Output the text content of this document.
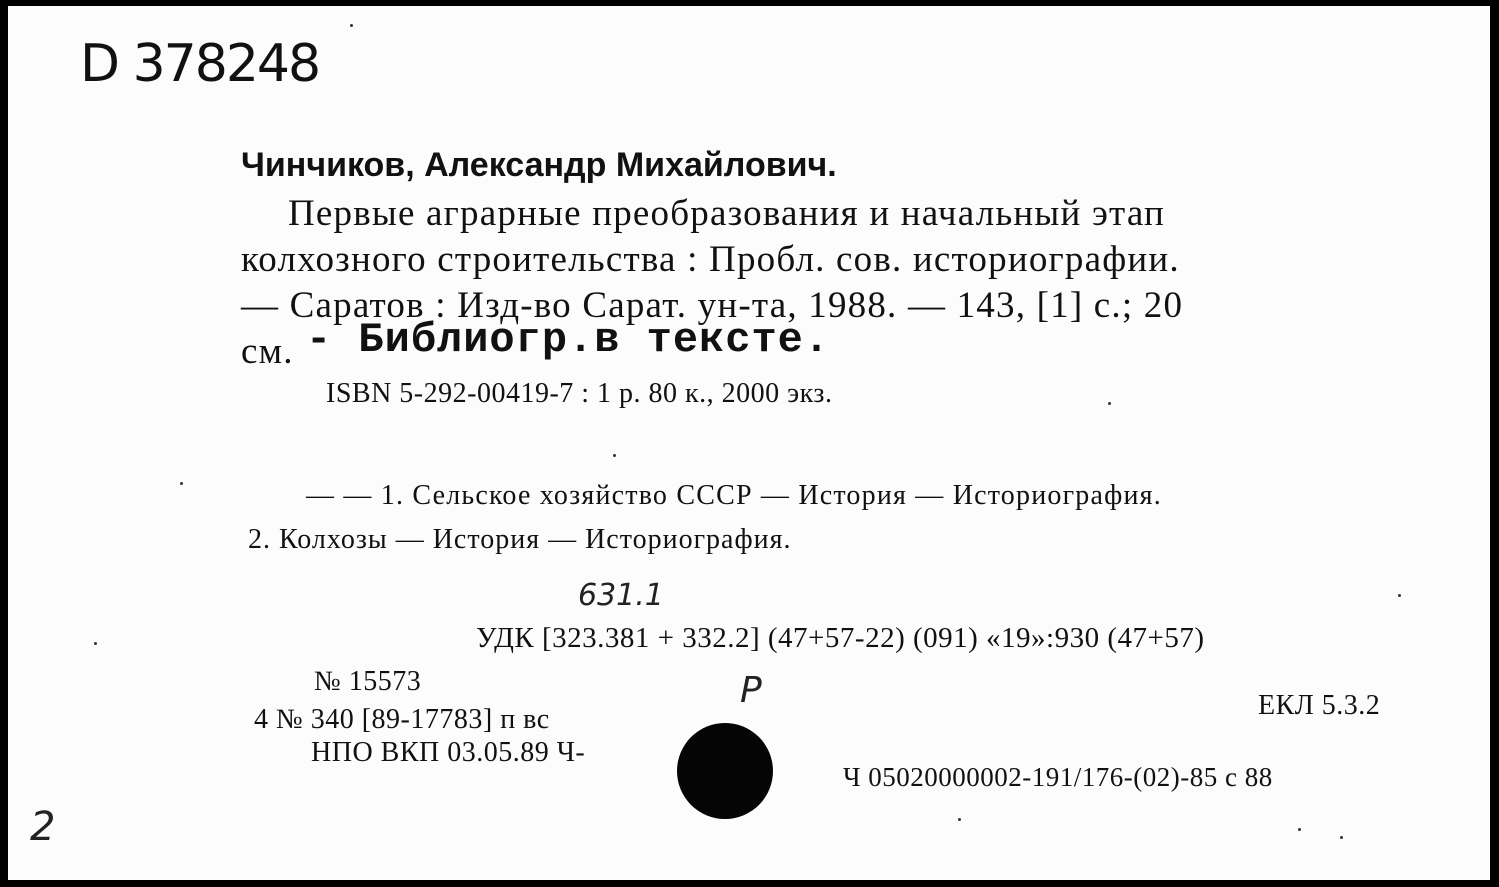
D 378248
Чинчиков, Александр Михайлович.
Первые аграрные преобразования и начальный этап
колхозного строительства : Пробл. сов. историографии.
— Саратов : Изд-во Сарат. ун-та, 1988. — 143, [1] с.; 20
см. - Библиогр.в тексте.
ISBN 5-292-00419-7 : 1 р. 80 к., 2000 экз.
— — 1. Сельское хозяйство СССР — История — Историография.
2. Колхозы — История — Историография.
631.1
УДК [323.381 + 332.2] (47+57-22) (091) «19»:930 (47+57)
№ 15573	Р
4 № 340 [89-17783] п вс	ЕКЛ 5.3.2
НПО ВКП 03.05.89 Ч-
Ч 05020000002-191/176-(02)-85 с 88
2
